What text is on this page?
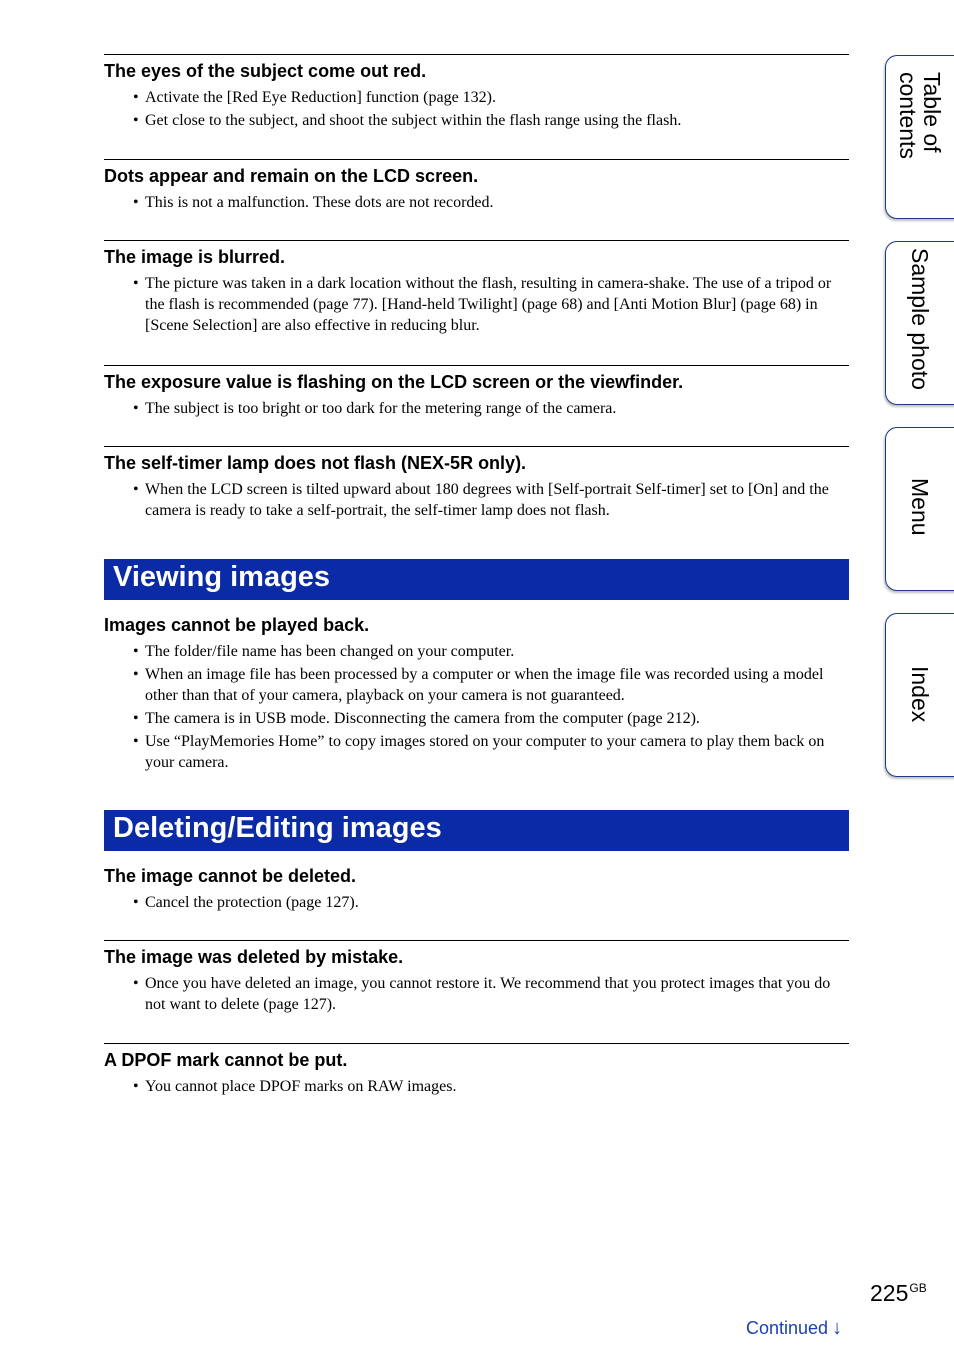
The eyes of the subject come out red.
• Activate the [Red Eye Reduction] function (page 132).
• Get close to the subject, and shoot the subject within the flash range using the flash.
Dots appear and remain on the LCD screen.
• This is not a malfunction. These dots are not recorded.
The image is blurred.
• The picture was taken in a dark location without the flash, resulting in camera-shake. The use of a tripod or the flash is recommended (page 77). [Hand-held Twilight] (page 68) and [Anti Motion Blur] (page 68) in [Scene Selection] are also effective in reducing blur.
The exposure value is flashing on the LCD screen or the viewfinder.
• The subject is too bright or too dark for the metering range of the camera.
The self-timer lamp does not flash (NEX-5R only).
• When the LCD screen is tilted upward about 180 degrees with [Self-portrait Self-timer] set to [On] and the camera is ready to take a self-portrait, the self-timer lamp does not flash.
Viewing images
Images cannot be played back.
• The folder/file name has been changed on your computer.
• When an image file has been processed by a computer or when the image file was recorded using a model other than that of your camera, playback on your camera is not guaranteed.
• The camera is in USB mode. Disconnecting the camera from the computer (page 212).
• Use “PlayMemories Home” to copy images stored on your computer to your camera to play them back on your camera.
Deleting/Editing images
The image cannot be deleted.
• Cancel the protection (page 127).
The image was deleted by mistake.
• Once you have deleted an image, you cannot restore it. We recommend that you protect images that you do not want to delete (page 127).
A DPOF mark cannot be put.
• You cannot place DPOF marks on RAW images.
Table of
contents
Sample photo
Menu
Index
$225^{GB}$
Continued ↓
